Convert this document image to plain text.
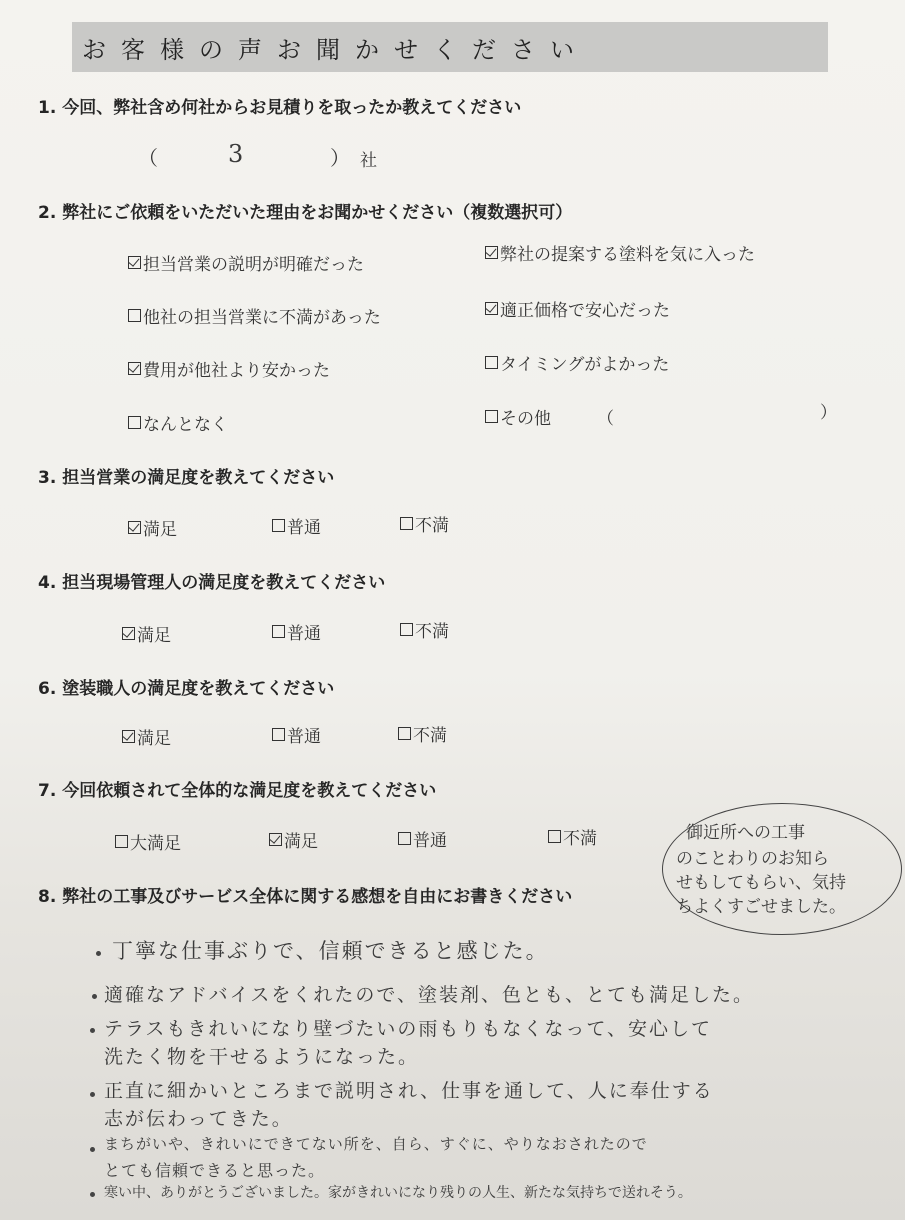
お客様の声お聞かせください
1. 今回、弊社含め何社からお見積りを取ったか教えてください
（	3	） 社
2. 弊社にご依頼をいただいた理由をお聞かせください（複数選択可）
担当営業の説明が明確だった	弊社の提案する塗料を気に入った
他社の担当営業に不満があった	適正価格で安心だった
費用が他社より安かった	タイミングがよかった
なんとなく	その他	（	）
3. 担当営業の満足度を教えてください
満足	普通	不満
4. 担当現場管理人の満足度を教えてください
満足	普通	不満
6. 塗装職人の満足度を教えてください
満足	普通	不満
7. 今回依頼されて全体的な満足度を教えてください
大満足	満足	普通	不満	御近所への工事
のことわりのお知ら
せもしてもらい、気持
ちよくすごせました。
8. 弊社の工事及びサービス全体に関する感想を自由にお書きください
丁寧な仕事ぶりで、信頼できると感じた。
適確なアドバイスをくれたので、塗装剤、色とも、とても満足した。
テラスもきれいになり壁づたいの雨もりもなくなって、安心して
洗たく物を干せるようになった。
正直に細かいところまで説明され、仕事を通して、人に奉仕する
志が伝わってきた。
まちがいや、きれいにできてない所を、自ら、すぐに、やりなおされたので
とても信頼できると思った。
寒い中、ありがとうございました。家がきれいになり残りの人生、新たな気持ちで送れそう。
